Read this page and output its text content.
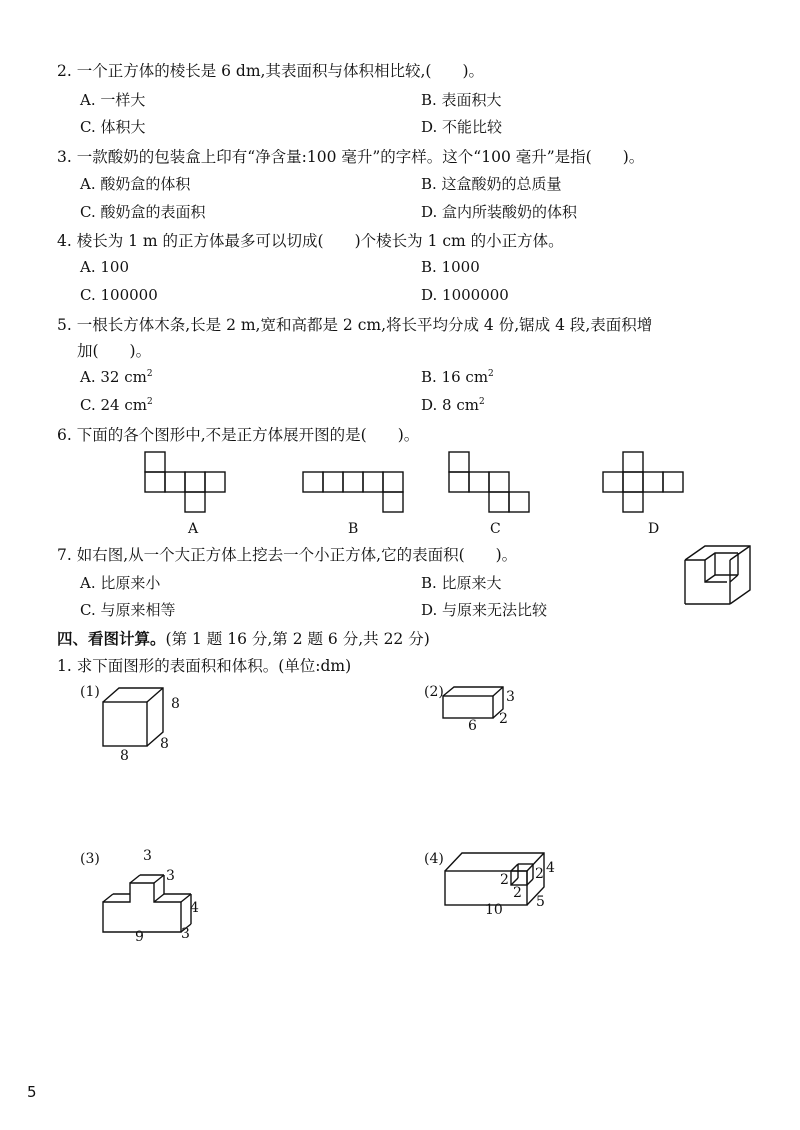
2. 一个正方体的棱长是 6 dm,其表面积与体积相比较,(　　)。
A. 一样大	B. 表面积大
C. 体积大	D. 不能比较
3. 一款酸奶的包装盒上印有“净含量:100 毫升”的字样。这个“100 毫升”是指(　　)。
A. 酸奶盒的体积	B. 这盒酸奶的总质量
C. 酸奶盒的表面积	D. 盒内所装酸奶的体积
4. 棱长为 1 m 的正方体最多可以切成(　　)个棱长为 1 cm 的小正方体。
A. 100	B. 1000
C. 100000	D. 1000000
5. 一根长方体木条,长是 2 m,宽和高都是 2 cm,将长平均分成 4 份,锯成 4 段,表面积增
加(　　)。
A. 32 $cm^2$	B. 16 $cm^2$
C. 24 $cm^2$	D. 8 $cm^2$
6. 下面的各个图形中,不是正方体展开图的是(　　)。
A	B	C	D
7. 如右图,从一个大正方体上挖去一个小正方体,它的表面积(　　)。
A. 比原来小	B. 比原来大
C. 与原来相等	D. 与原来无法比较
四、看图计算。(第 1 题 16 分,第 2 题 6 分,共 22 分)
1. 求下面图形的表面积和体积。(单位:dm)
(1)
8
8
8
(2)	3
2
6
(3)	3
3
4
9	3
(4)
4
2
2
2
5
10
5
